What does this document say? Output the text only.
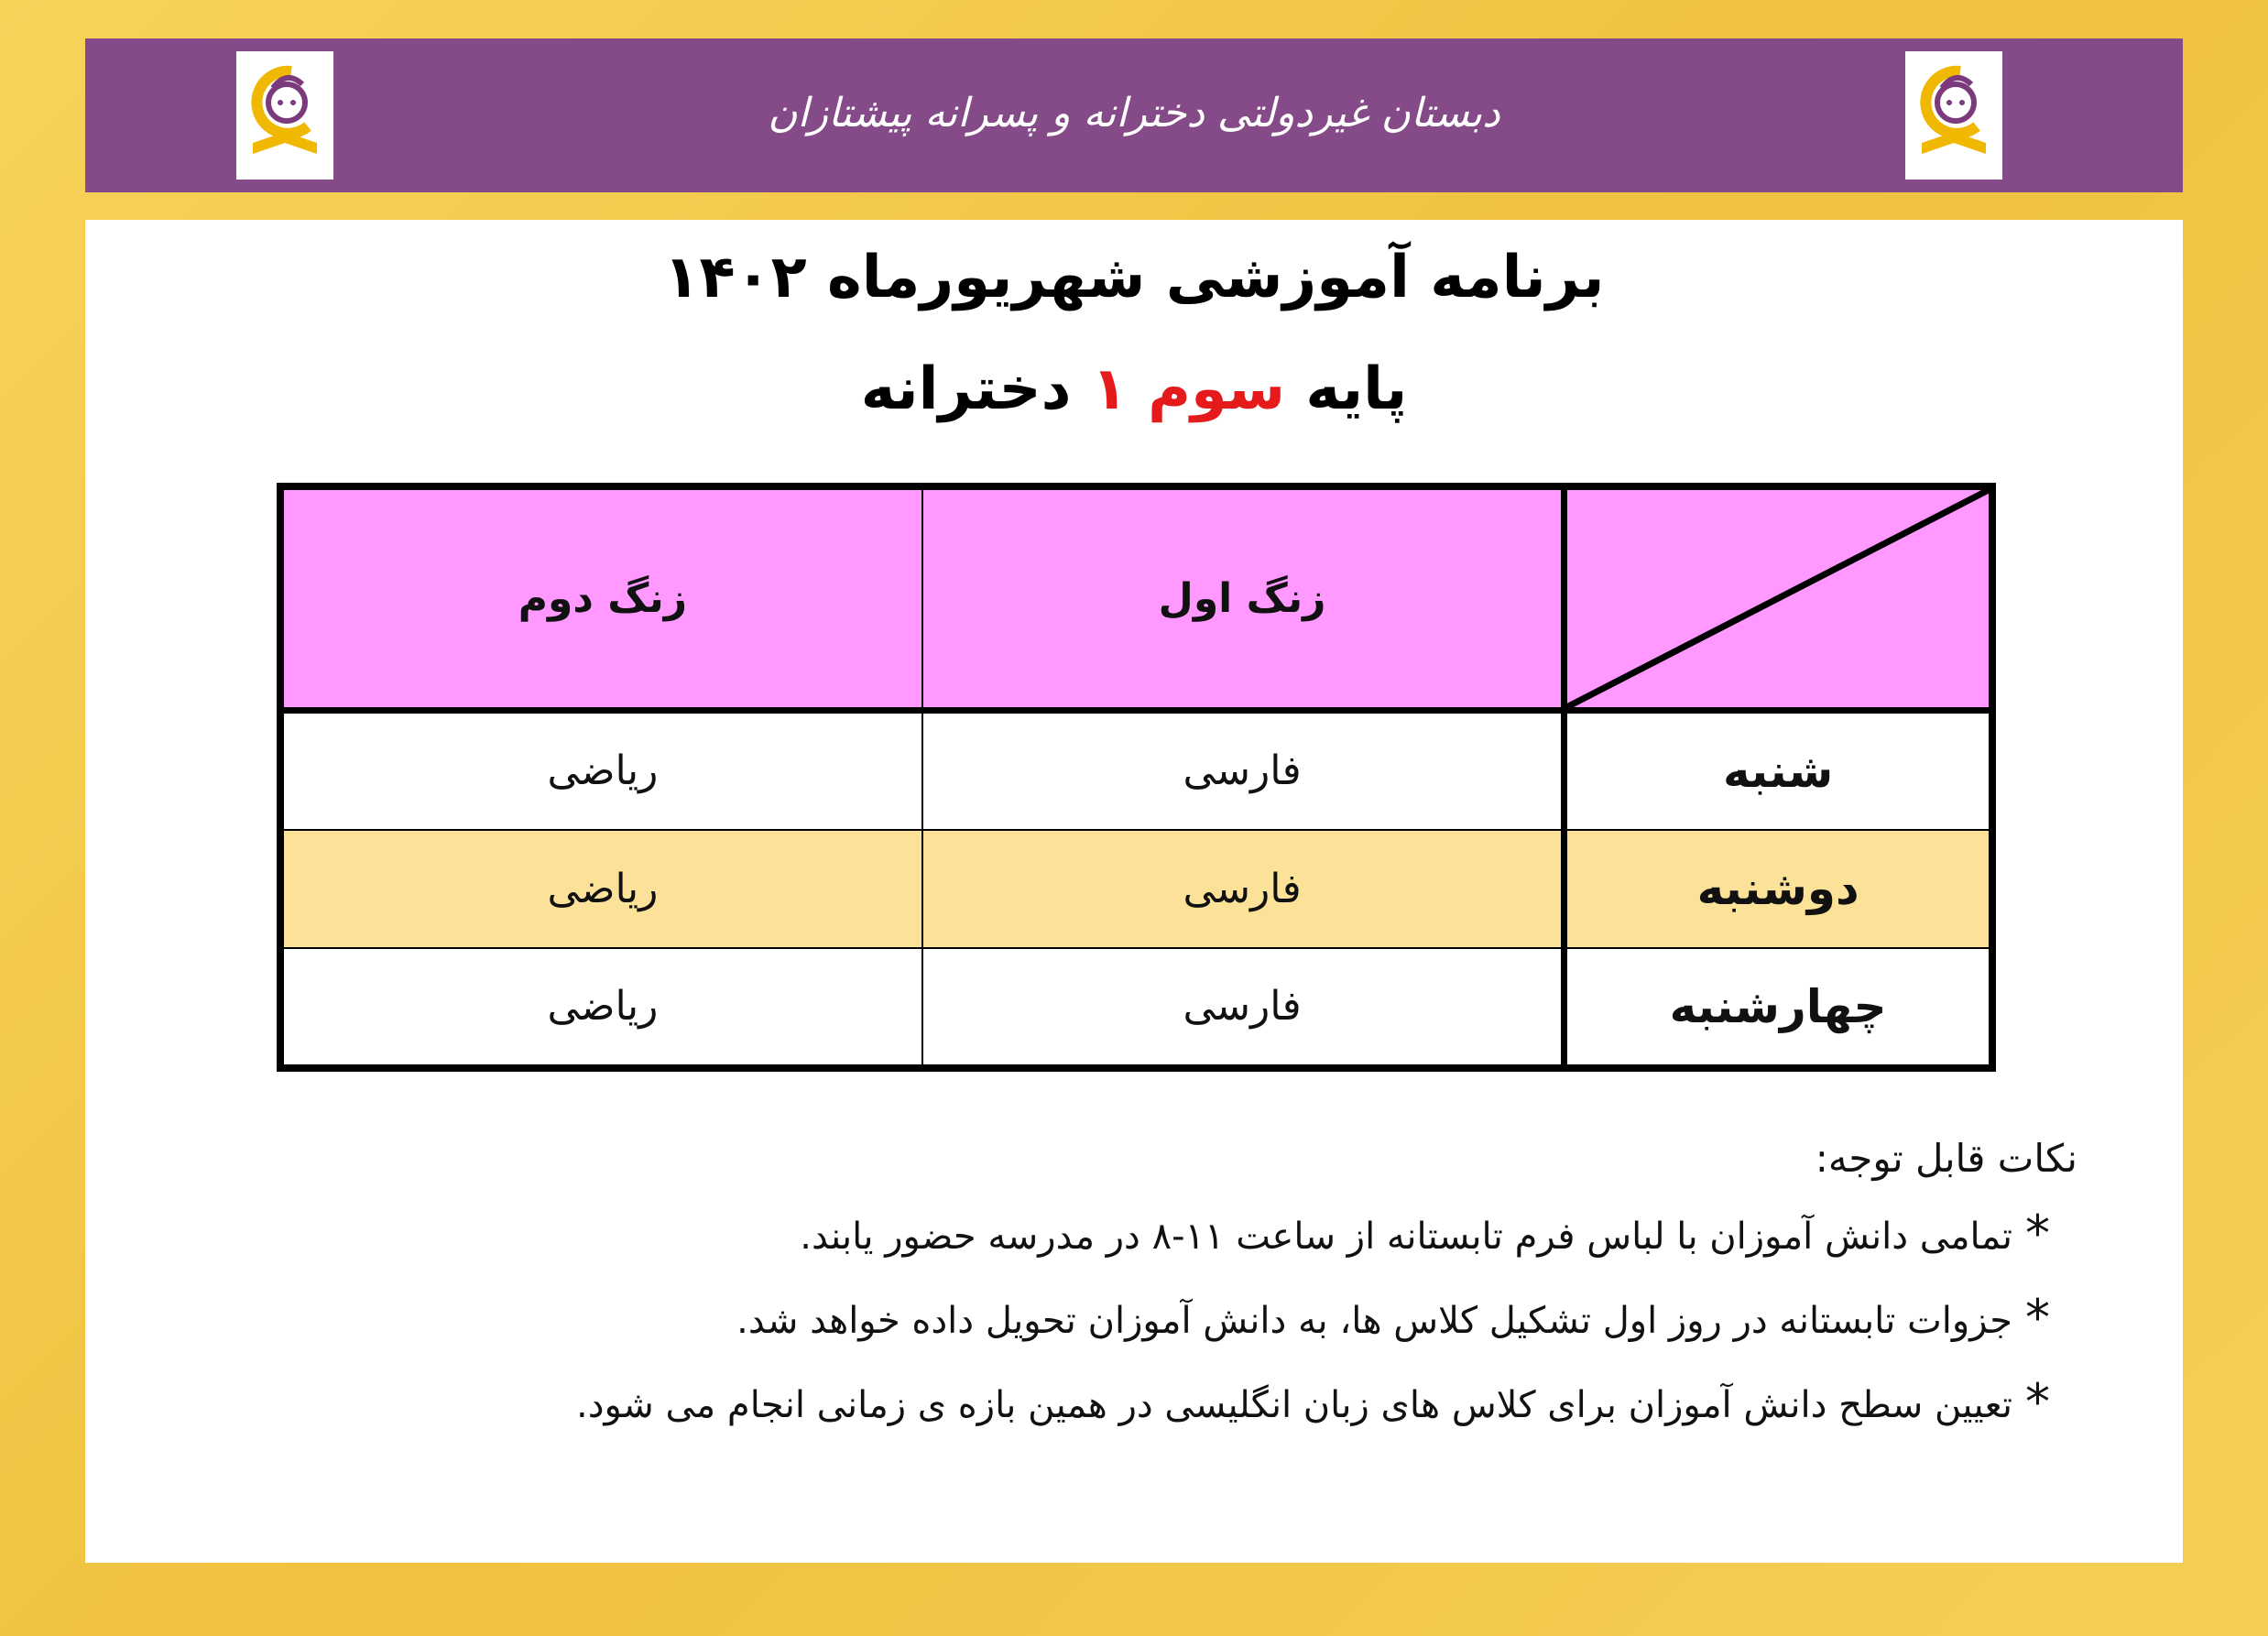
دبستان غیردولتی دخترانه و پسرانه پیشتازان
برنامه آموزشی شهریورماه ۱۴۰۲
پایه سوم ۱ دخترانه
	زنگ اول	زنگ دوم
شنبه	فارسی	ریاضی
دوشنبه	فارسی	ریاضی
چهارشنبه	فارسی	ریاضی
نکات قابل توجه:
*
تمامی دانش آموزان با لباس فرم تابستانه از ساعت ۱۱-۸ در مدرسه حضور یابند.
*
جزوات تابستانه در روز اول تشکیل کلاس ها، به دانش آموزان تحویل داده خواهد شد.
*
تعیین سطح دانش آموزان برای کلاس های زبان انگلیسی در همین بازه ی زمانی انجام می شود.
